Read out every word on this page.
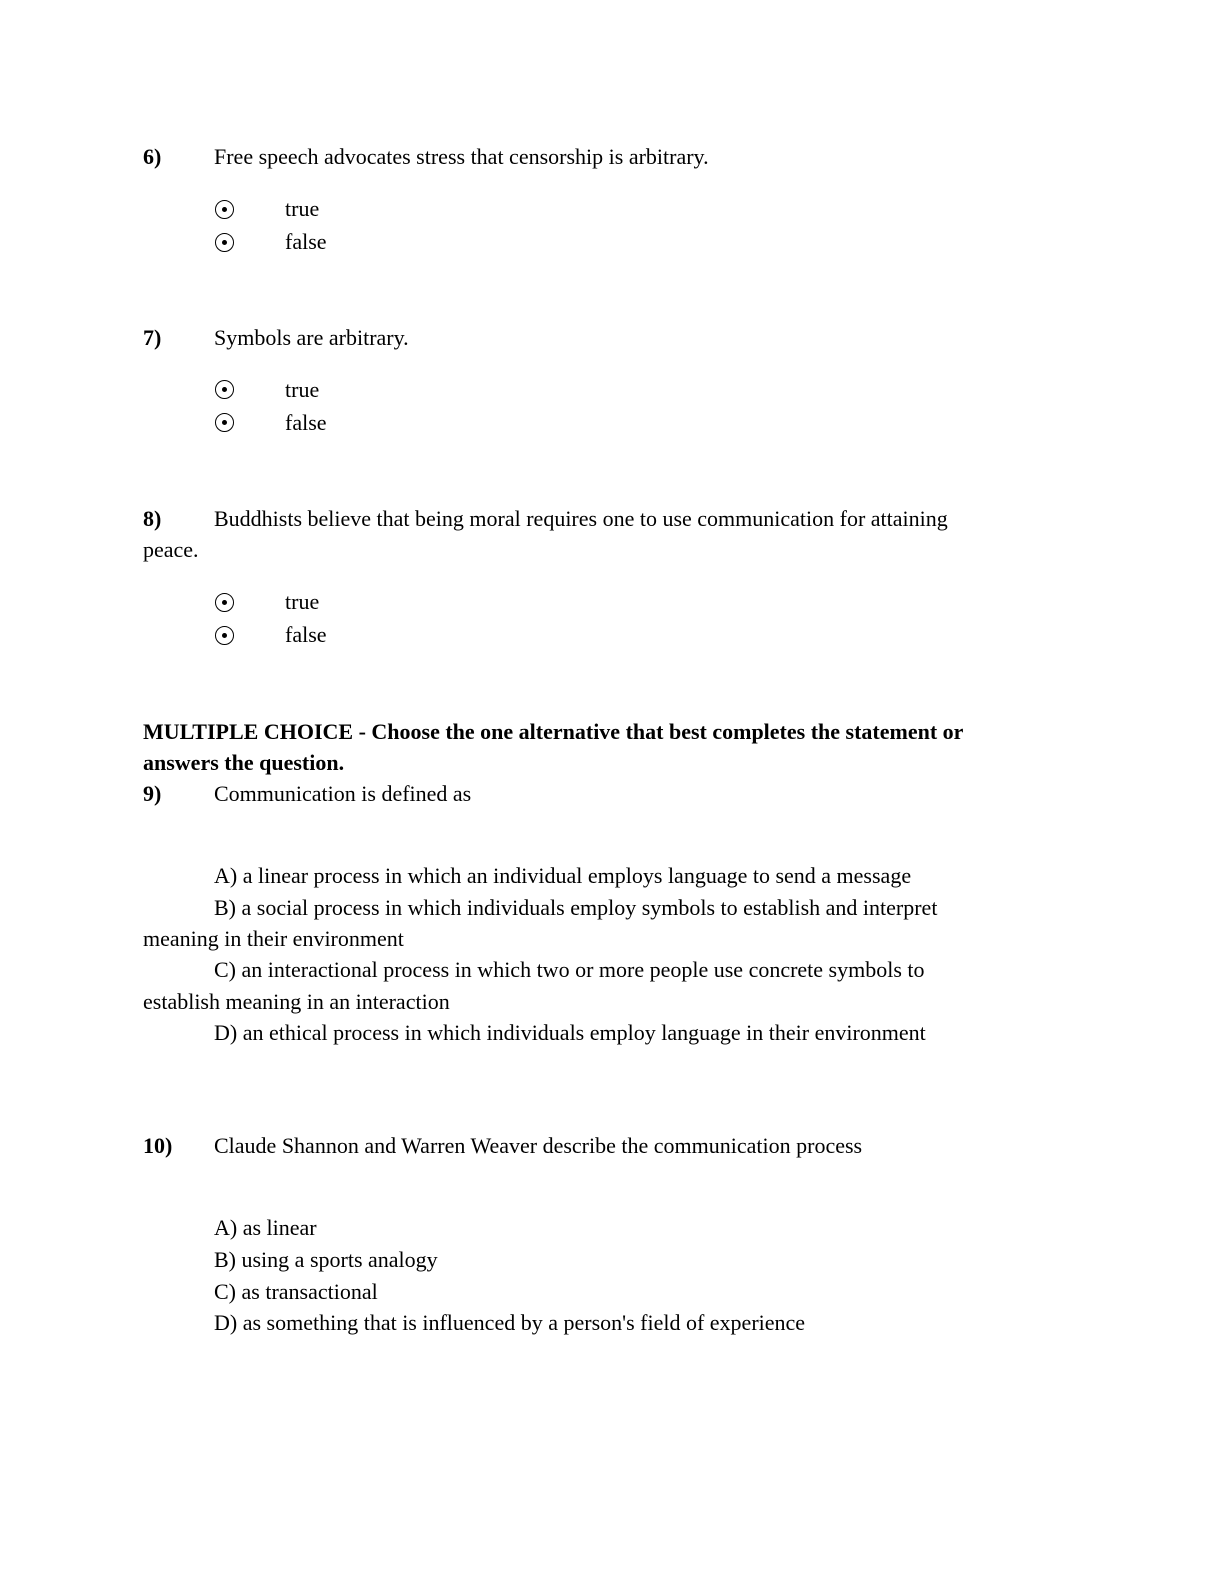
6) Free speech advocates stress that censorship is arbitrary.
true
false
7) Symbols are arbitrary.
true
false
8) Buddhists believe that being moral requires one to use communication for attaining
peace.
true
false
MULTIPLE CHOICE - Choose the one alternative that best completes the statement or
answers the question.
9) Communication is defined as
A) a linear process in which an individual employs language to send a message
B) a social process in which individuals employ symbols to establish and interpret
meaning in their environment
C) an interactional process in which two or more people use concrete symbols to
establish meaning in an interaction
D) an ethical process in which individuals employ language in their environment
10) Claude Shannon and Warren Weaver describe the communication process
A) as linear
B) using a sports analogy
C) as transactional
D) as something that is influenced by a person's field of experience
